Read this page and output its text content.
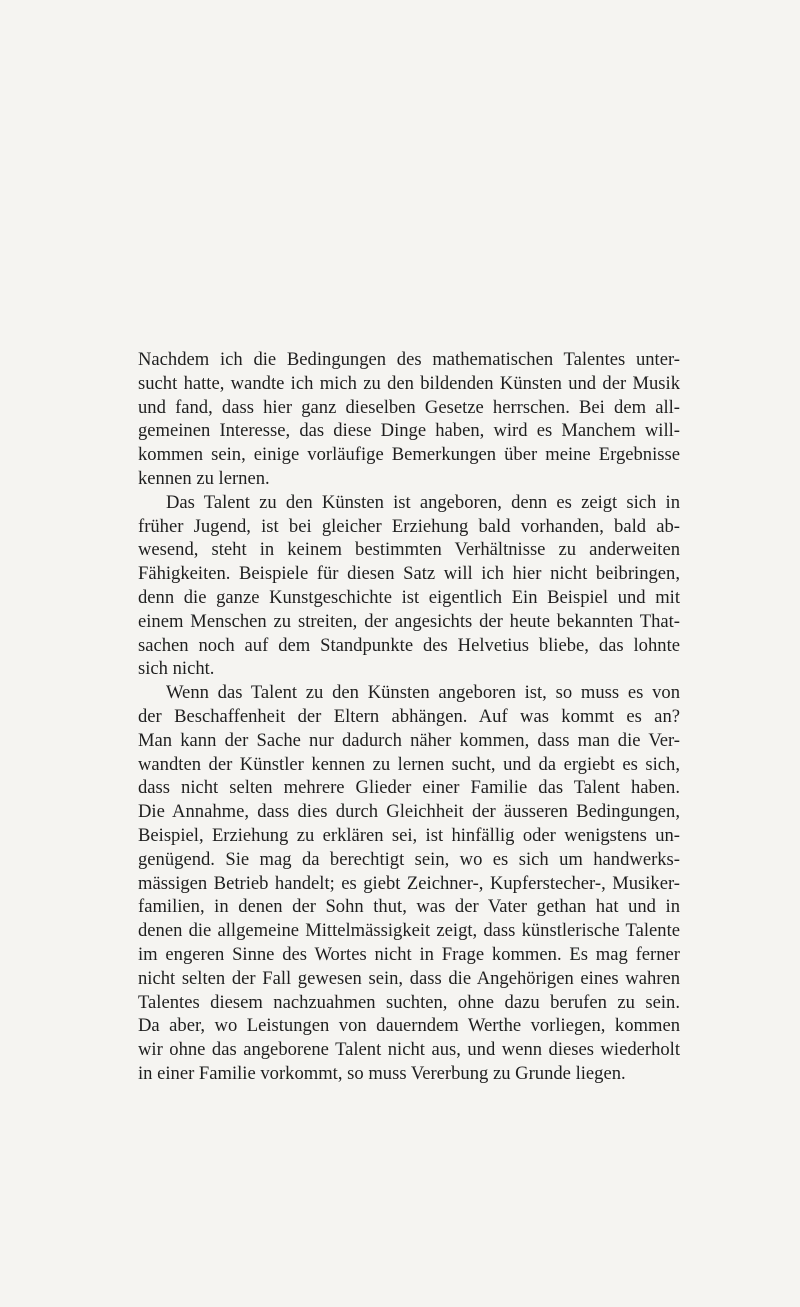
Nachdem ich die Bedingungen des mathematischen Talentes unter-
sucht hatte, wandte ich mich zu den bildenden Künsten und der Musik
und fand, dass hier ganz dieselben Gesetze herrschen. Bei dem all-
gemeinen Interesse, das diese Dinge haben, wird es Manchem will-
kommen sein, einige vorläufige Bemerkungen über meine Ergebnisse
kennen zu lernen.
Das Talent zu den Künsten ist angeboren, denn es zeigt sich in
früher Jugend, ist bei gleicher Erziehung bald vorhanden, bald ab-
wesend, steht in keinem bestimmten Verhältnisse zu anderweiten
Fähigkeiten. Beispiele für diesen Satz will ich hier nicht beibringen,
denn die ganze Kunstgeschichte ist eigentlich Ein Beispiel und mit
einem Menschen zu streiten, der angesichts der heute bekannten That-
sachen noch auf dem Standpunkte des Helvetius bliebe, das lohnte
sich nicht.
Wenn das Talent zu den Künsten angeboren ist, so muss es von
der Beschaffenheit der Eltern abhängen. Auf was kommt es an?
Man kann der Sache nur dadurch näher kommen, dass man die Ver-
wandten der Künstler kennen zu lernen sucht, und da ergiebt es sich,
dass nicht selten mehrere Glieder einer Familie das Talent haben.
Die Annahme, dass dies durch Gleichheit der äusseren Bedingungen,
Beispiel, Erziehung zu erklären sei, ist hinfällig oder wenigstens un-
genügend. Sie mag da berechtigt sein, wo es sich um handwerks-
mässigen Betrieb handelt; es giebt Zeichner-, Kupferstecher-, Musiker-
familien, in denen der Sohn thut, was der Vater gethan hat und in
denen die allgemeine Mittelmässigkeit zeigt, dass künstlerische Talente
im engeren Sinne des Wortes nicht in Frage kommen. Es mag ferner
nicht selten der Fall gewesen sein, dass die Angehörigen eines wahren
Talentes diesem nachzuahmen suchten, ohne dazu berufen zu sein.
Da aber, wo Leistungen von dauerndem Werthe vorliegen, kommen
wir ohne das angeborene Talent nicht aus, und wenn dieses wiederholt
in einer Familie vorkommt, so muss Vererbung zu Grunde liegen.
